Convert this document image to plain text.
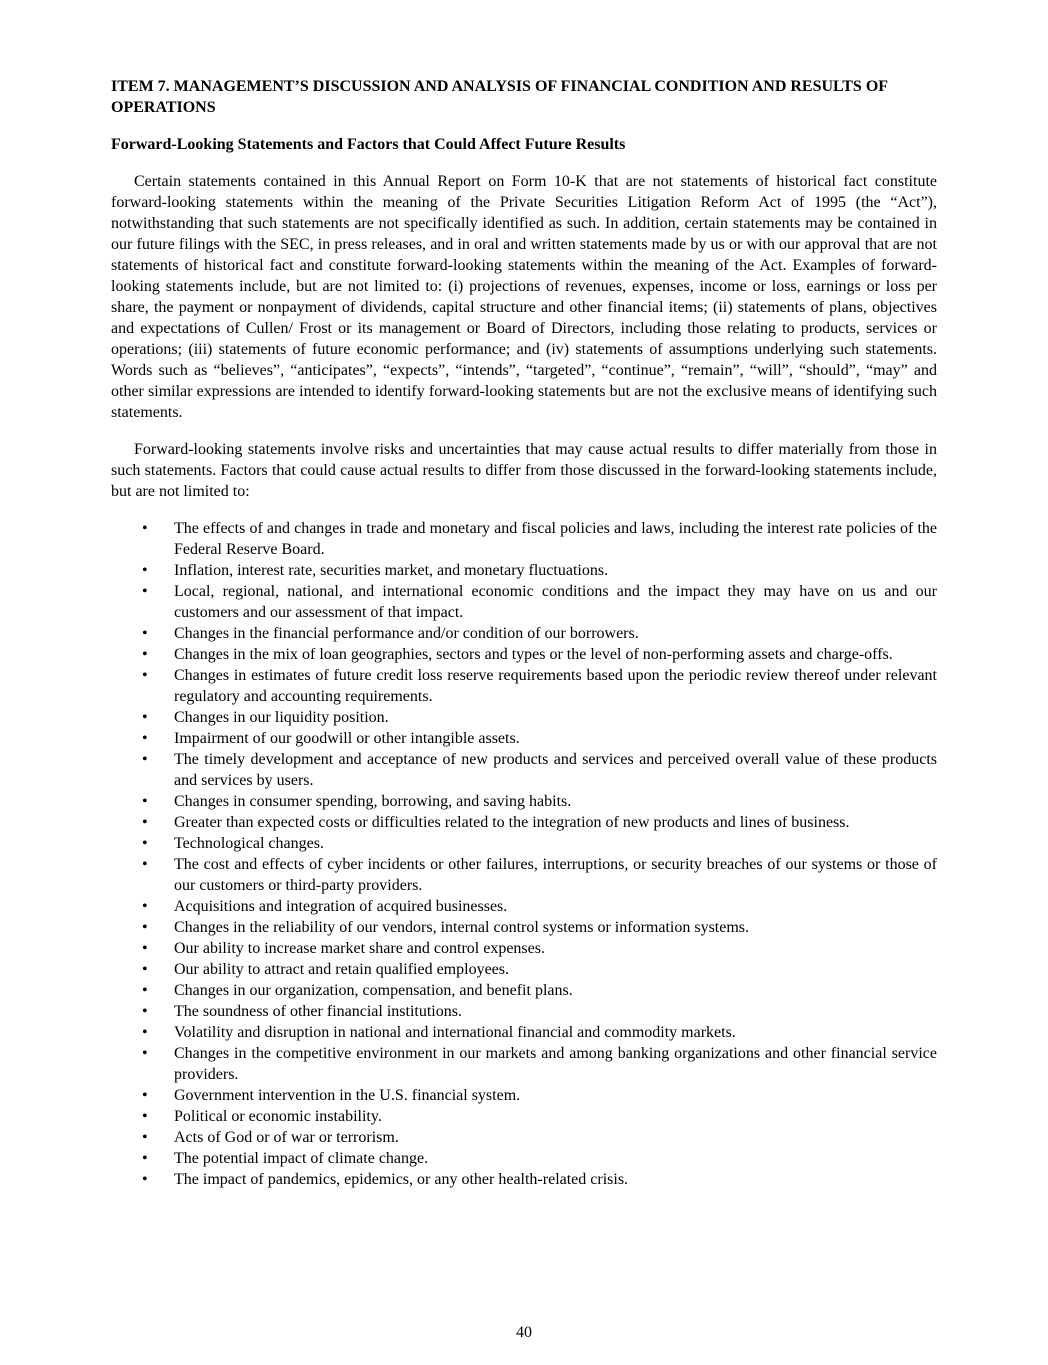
ITEM 7. MANAGEMENT’S DISCUSSION AND ANALYSIS OF FINANCIAL CONDITION AND RESULTS OF OPERATIONS
Forward-Looking Statements and Factors that Could Affect Future Results

Certain statements contained in this Annual Report on Form 10-K that are not statements of historical fact constitute forward-looking statements within the meaning of the Private Securities Litigation Reform Act of 1995 (the “Act”), notwithstanding that such statements are not specifically identified as such. In addition, certain statements may be contained in our future filings with the SEC, in press releases, and in oral and written statements made by us or with our approval that are not statements of historical fact and constitute forward-looking statements within the meaning of the Act. Examples of forward-looking statements include, but are not limited to: (i) projections of revenues, expenses, income or loss, earnings or loss per share, the payment or nonpayment of dividends, capital structure and other financial items; (ii) statements of plans, objectives and expectations of Cullen/ Frost or its management or Board of Directors, including those relating to products, services or operations; (iii) statements of future economic performance; and (iv) statements of assumptions underlying such statements. Words such as “believes”, “anticipates”, “expects”, “intends”, “targeted”, “continue”, “remain”, “will”, “should”, “may” and other similar expressions are intended to identify forward-looking statements but are not the exclusive means of identifying such statements.

Forward-looking statements involve risks and uncertainties that may cause actual results to differ materially from those in such statements. Factors that could cause actual results to differ from those discussed in the forward-looking statements include, but are not limited to:

• The effects of and changes in trade and monetary and fiscal policies and laws, including the interest rate policies of the Federal Reserve Board.
• Inflation, interest rate, securities market, and monetary fluctuations.
• Local, regional, national, and international economic conditions and the impact they may have on us and our customers and our assessment of that impact.
• Changes in the financial performance and/or condition of our borrowers.
• Changes in the mix of loan geographies, sectors and types or the level of non-performing assets and charge-offs.
• Changes in estimates of future credit loss reserve requirements based upon the periodic review thereof under relevant regulatory and accounting requirements.
• Changes in our liquidity position.
• Impairment of our goodwill or other intangible assets.
• The timely development and acceptance of new products and services and perceived overall value of these products and services by users.
• Changes in consumer spending, borrowing, and saving habits.
• Greater than expected costs or difficulties related to the integration of new products and lines of business.
• Technological changes.
• The cost and effects of cyber incidents or other failures, interruptions, or security breaches of our systems or those of our customers or third-party providers.
• Acquisitions and integration of acquired businesses.
• Changes in the reliability of our vendors, internal control systems or information systems.
• Our ability to increase market share and control expenses.
• Our ability to attract and retain qualified employees.
• Changes in our organization, compensation, and benefit plans.
• The soundness of other financial institutions.
• Volatility and disruption in national and international financial and commodity markets.
• Changes in the competitive environment in our markets and among banking organizations and other financial service providers.
• Government intervention in the U.S. financial system.
• Political or economic instability.
• Acts of God or of war or terrorism.
• The potential impact of climate change.
• The impact of pandemics, epidemics, or any other health-related crisis.
40
